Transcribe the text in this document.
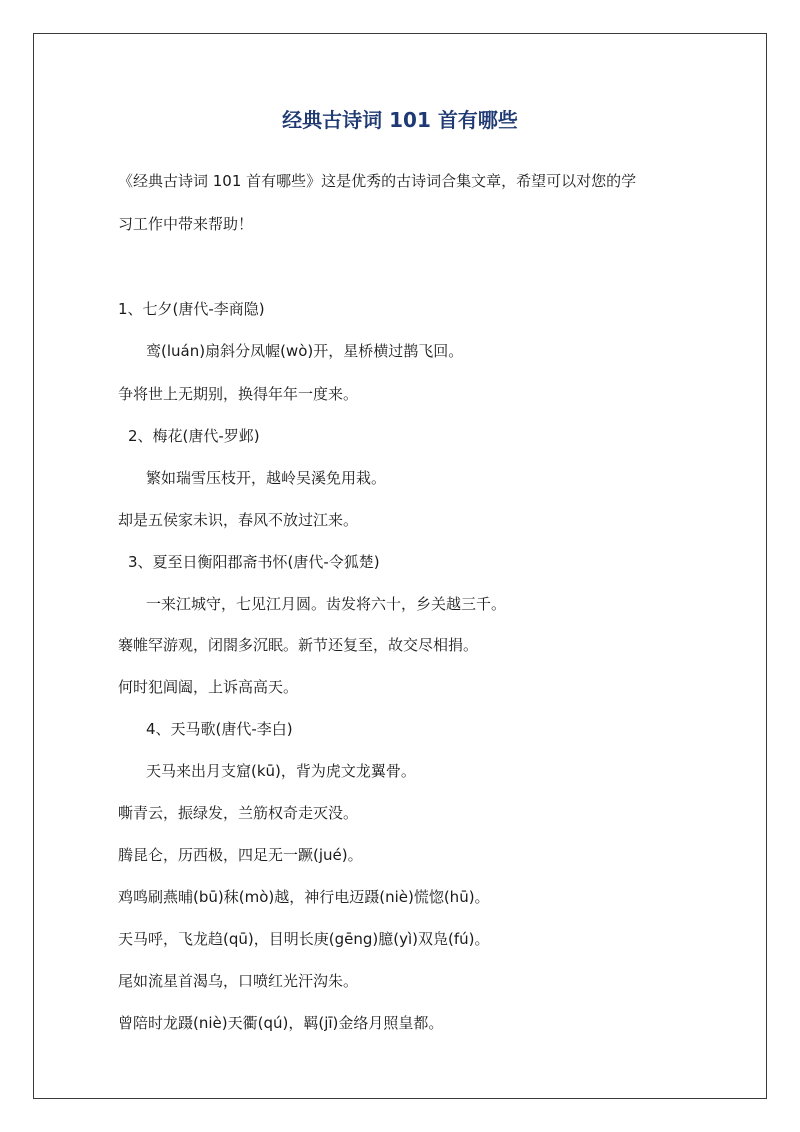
经典古诗词 101 首有哪些
《经典古诗词 101 首有哪些》这是优秀的古诗词合集文章，希望可以对您的学
习工作中带来帮助！
1、七夕(唐代-李商隐)
鸾(luán)扇斜分凤幄(wò)开，星桥横过鹊飞回。
争将世上无期别，换得年年一度来。
2、梅花(唐代-罗邺)
繁如瑞雪压枝开，越岭吴溪免用栽。
却是五侯家未识，春风不放过江来。
3、夏至日衡阳郡斋书怀(唐代-令狐楚)
一来江城守，七见江月圆。齿发将六十，乡关越三千。
褰帷罕游观，闭閤多沉眠。新节还复至，故交尽相捐。
何时犯阊阖，上诉高高天。
4、天马歌(唐代-李白)
天马来出月支窟(kū)，背为虎文龙翼骨。
嘶青云，振绿发，兰筋权奇走灭没。
腾昆仑，历西极，四足无一蹶(jué)。
鸡鸣刷燕晡(bū)秣(mò)越，神行电迈蹑(niè)慌惚(hū)。
天马呼，飞龙趋(qū)，目明长庚(gēng)臆(yì)双凫(fú)。
尾如流星首渴乌，口喷红光汗沟朱。
曾陪时龙蹑(niè)天衢(qú)，羁(jī)金络月照皇都。
